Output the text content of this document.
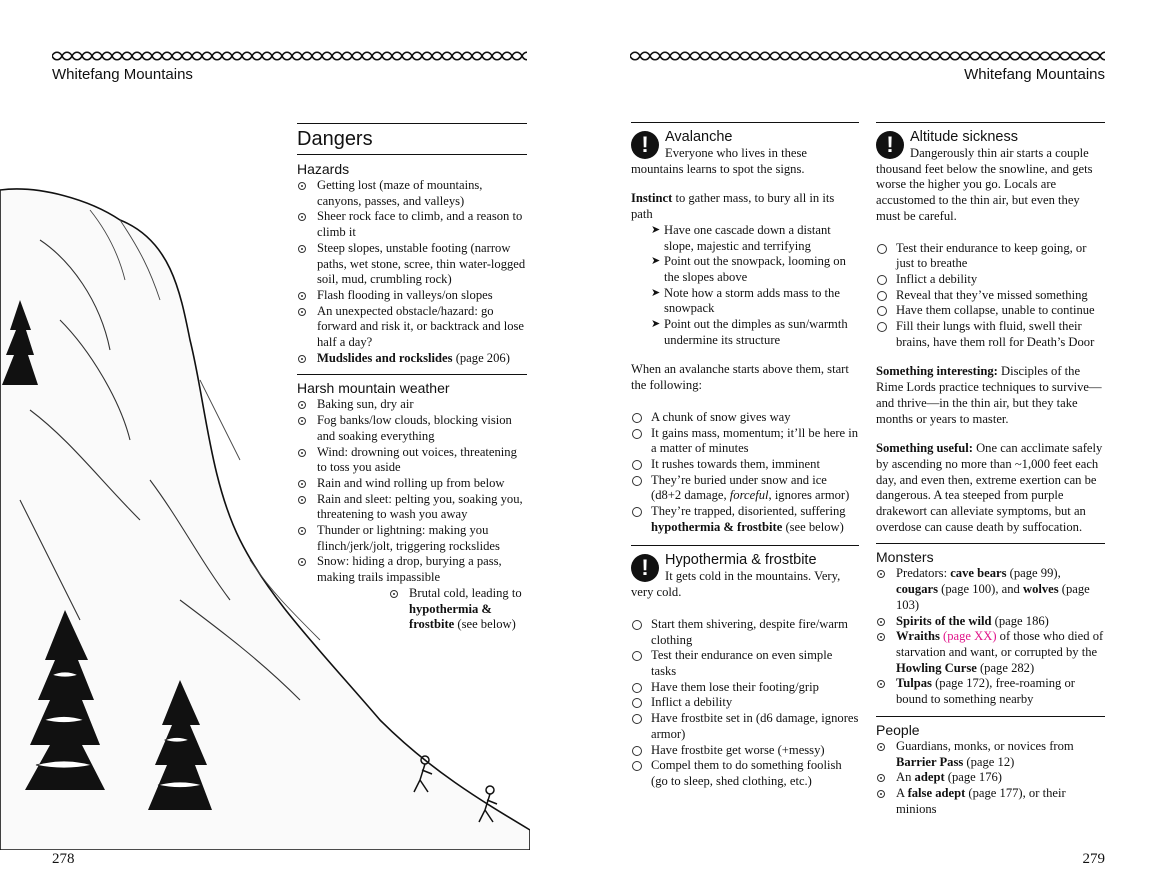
Whitefang Mountains
Dangers
Hazards
Getting lost (maze of mountains, canyons, passes, and valleys)
Sheer rock face to climb, and a reason to climb it
Steep slopes, unstable footing (narrow paths, wet stone, scree, thin water-logged soil, mud, crumbling rock)
Flash flooding in valleys/on slopes
An unexpected obstacle/hazard: go forward and risk it, or backtrack and lose half a day?
Mudslides and rockslides (page 206)
Harsh mountain weather
Baking sun, dry air
Fog banks/low clouds, blocking vision and soaking everything
Wind: drowning out voices, threatening to toss you aside
Rain and wind rolling up from below
Rain and sleet: pelting you, soaking you, threatening to wash you away
Thunder or lightning: making you flinch/jerk/jolt, triggering rockslides
Snow: hiding a drop, burying a pass, making trails impassible
Brutal cold, leading to hypothermia & frostbite (see below)
278
Whitefang Mountains
!	Avalanche
Everyone who lives in these mountains learns to spot the signs.

Instinct to gather mass, to bury all in its path

➤ Have one cascade down a distant slope, majestic and terrifying
➤ Point out the snowpack, looming on the slopes above
➤ Note how a storm adds mass to the snowpack
➤ Point out the dimples as sun/warmth undermine its structure

When an avalanche starts above them, start the following:

A chunk of snow gives way
It gains mass, momentum; it’ll be here in a matter of minutes
It rushes towards them, imminent
They’re buried under snow and ice (d8+2 damage, forceful, ignores armor)
They’re trapped, disoriented, suffering hypothermia & frostbite (see below)
!	Hypothermia & frostbite
It gets cold in the mountains. Very, very cold.
Start them shivering, despite fire/warm clothing
Test their endurance on even simple tasks
Have them lose their footing/grip
Inflict a debility
Have frostbite set in (d6 damage, ignores armor)
Have frostbite get worse (+messy)
Compel them to do something foolish (go to sleep, shed clothing, etc.)
!	Altitude sickness
Dangerously thin air starts a couple thousand feet below the snowline, and gets worse the higher you go. Locals are accustomed to the thin air, but even they must be careful.
Test their endurance to keep going, or just to breathe
Inflict a debility
Reveal that they’ve missed something
Have them collapse, unable to continue
Fill their lungs with fluid, swell their brains, have them roll for Death’s Door

Something interesting: Disciples of the Rime Lords practice techniques to survive—and thrive—in the thin air, but they take months or years to master.

Something useful: One can acclimate safely by ascending no more than ~1,000 feet each day, and even then, extreme exertion can be dangerous. A tea steeped from purple drakewort can alleviate symptoms, but an overdose can cause death by suffocation.

Monsters
Predators: cave bears (page 99), cougars (page 100), and wolves (page 103)
Spirits of the wild (page 186)
Wraiths (page XX) of those who died of starvation and want, or corrupted by the Howling Curse (page 282)
Tulpas (page 172), free-roaming or bound to something nearby
People
Guardians, monks, or novices from Barrier Pass (page 12)
An adept (page 176)
A false adept (page 177), or their minions
279
